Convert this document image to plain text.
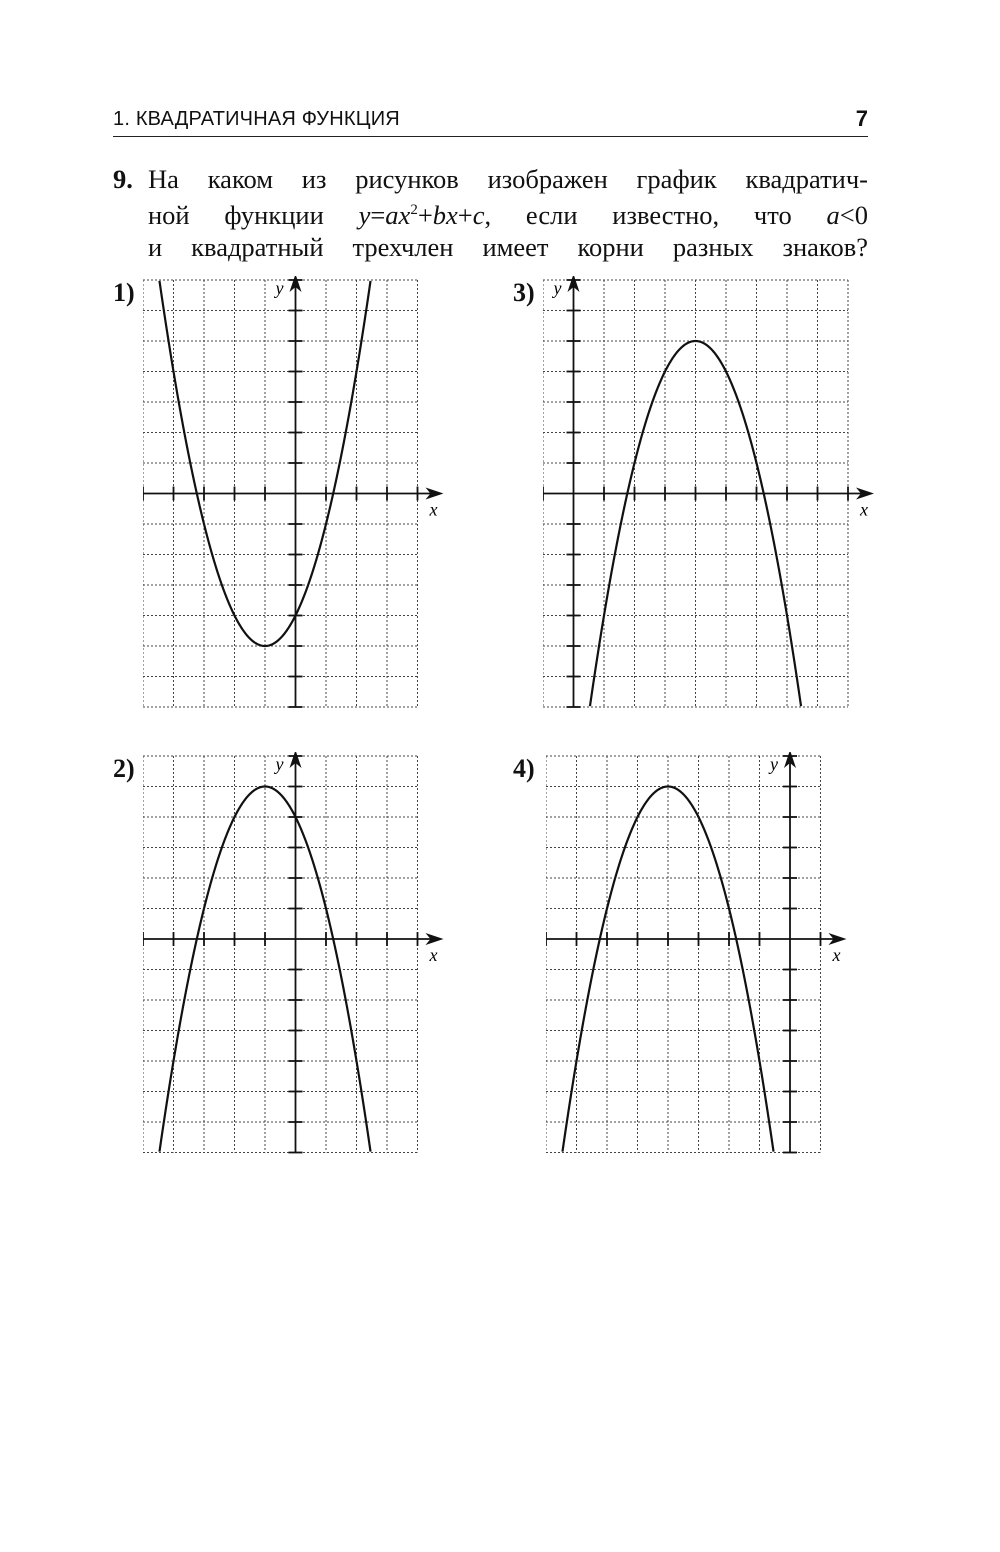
1. КВАДРАТИЧНАЯ ФУНКЦИЯ	7
9. На каком из рисунков изображен график квадратич-
ной функции $y=ax^2+bx+c$, если известно, что a<0
и квадратный трехчлен имеет корни разных знаков?
1)
x
y
2)
x
y
3)
x
y
4)
x
y
